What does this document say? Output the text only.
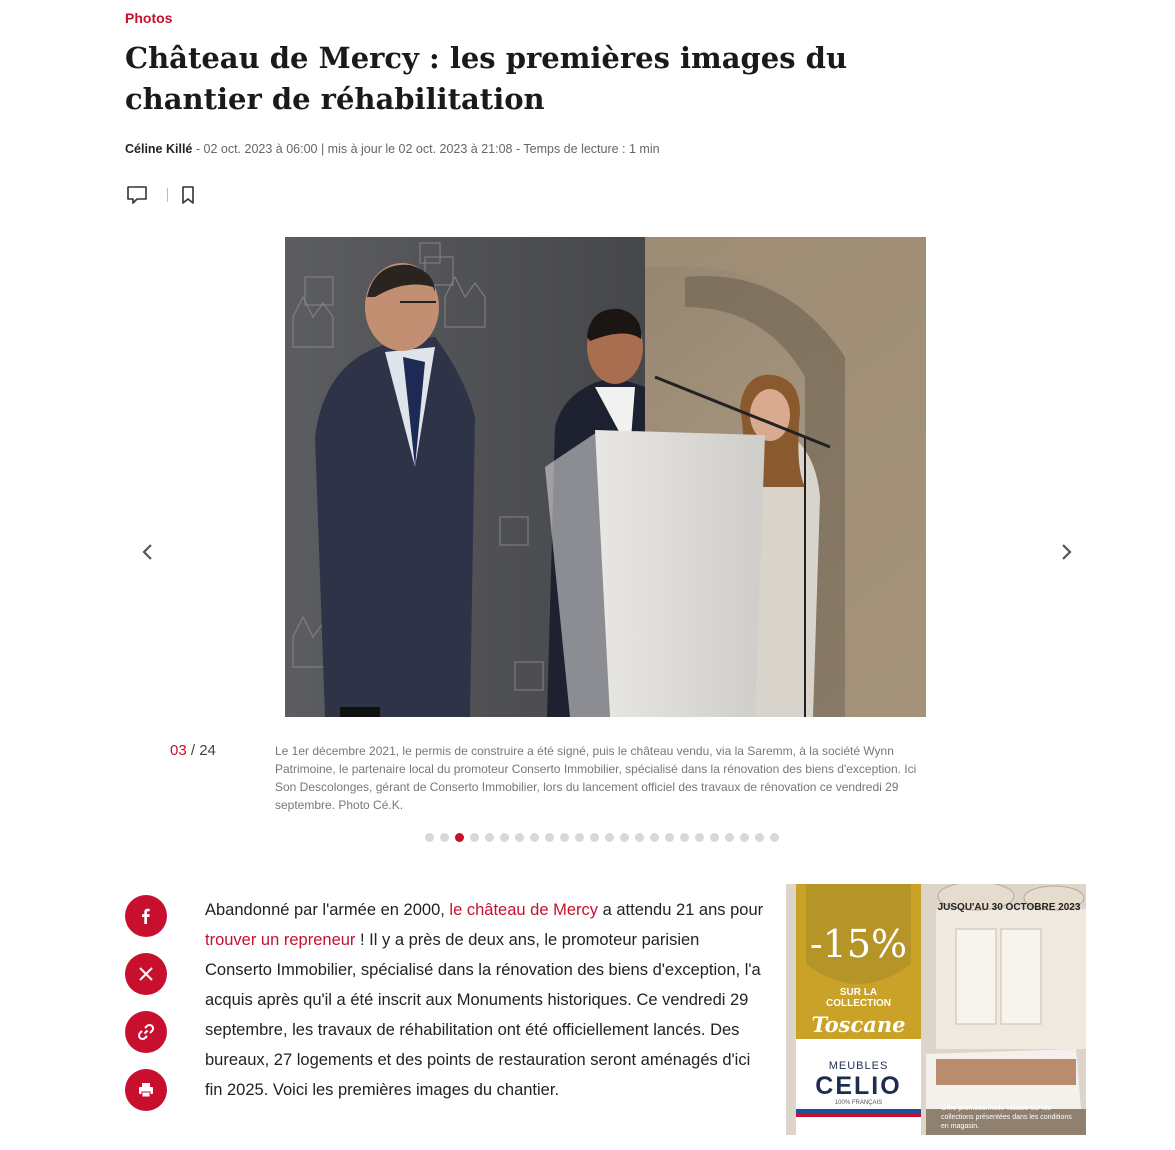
Photos
Château de Mercy : les premières images du chantier de réhabilitation
Céline Killé - 02 oct. 2023 à 06:00 | mis à jour le 02 oct. 2023 à 21:08 - Temps de lecture : 1 min
03 / 24	Le 1er décembre 2021, le permis de construire a été signé, puis le château vendu, via la Saremm, à la société Wynn Patrimoine, le partenaire local du promoteur Conserto Immobilier, spécialisé dans la rénovation des biens d'exception. Ici Son Descolonges, gérant de Conserto Immobilier, lors du lancement officiel des travaux de rénovation ce vendredi 29 septembre. Photo Cé.K.

Abandonné par l'armée en 2000, le château de Mercy a attendu 21 ans pour trouver un repreneur ! Il y a près de deux ans, le promoteur parisien Conserto Immobilier, spécialisé dans la rénovation des biens d'exception, l'a acquis après qu'il a été inscrit aux Monuments historiques. Ce vendredi 29 septembre, les travaux de réhabilitation ont été officiellement lancés. Des bureaux, 27 logements et des points de restauration seront aménagés d'ici fin 2025. Voici les premières images du chantier.

JUSQU'AU 30 OCTOBRE 2023
-15%
SUR LA
COLLECTION
Toscane
MEUBLES
CELIO
100% FRANÇAIS
Offre promotionnelle valable sur les collections présentées dans les conditions en magasin.
